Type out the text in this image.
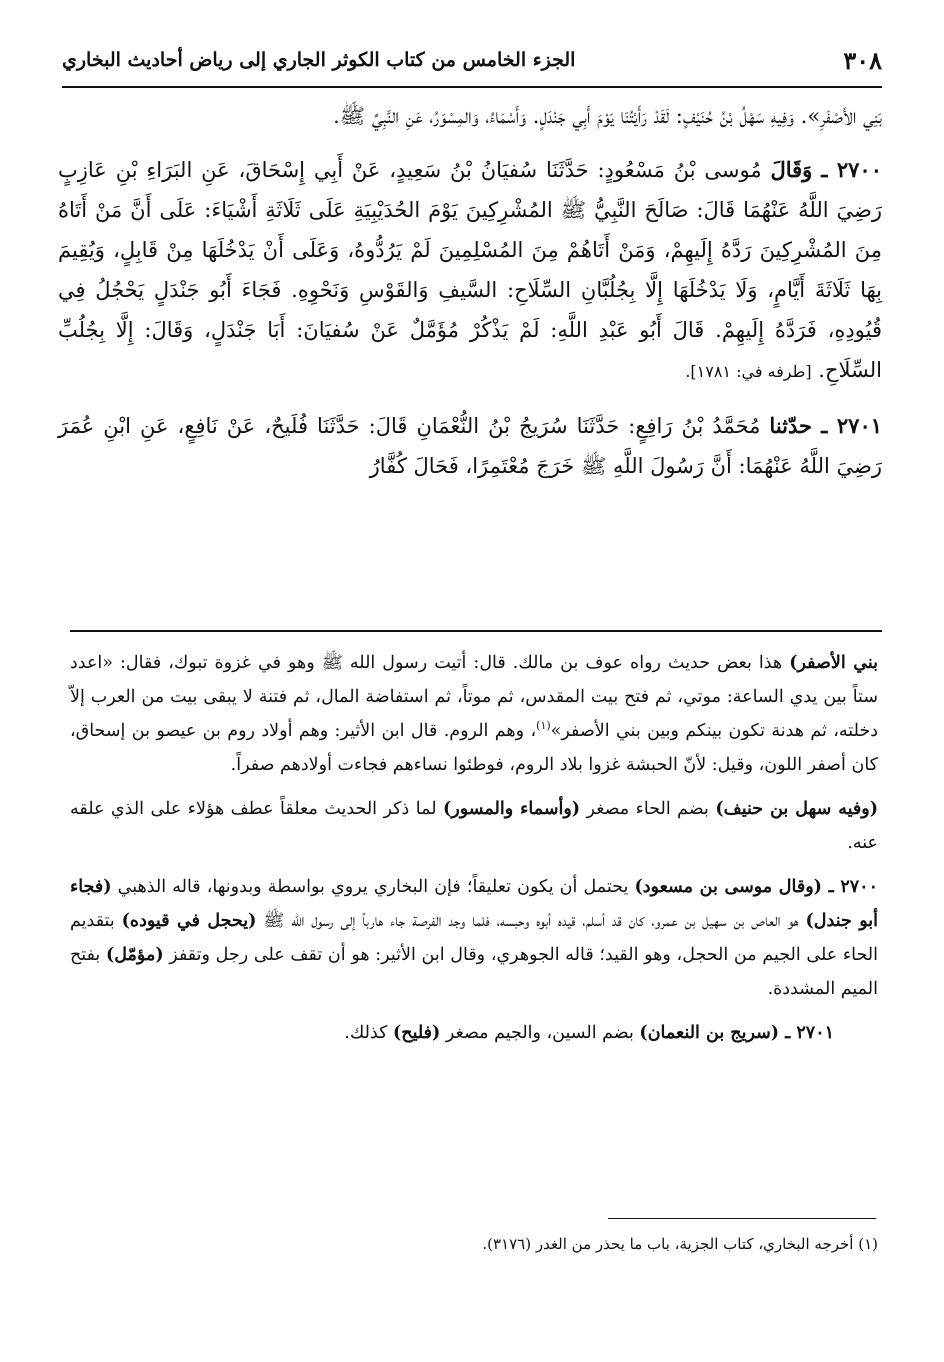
٣٠٨
الجزء الخامس من كتاب الكوثر الجاري إلى رياض أحاديث البخاري

بَنِي الأَصْفَرِ». وَفِيهِ سَهْلُ بْنُ حُنَيْفٍ: لَقَدْ رَأَيْتُنَا يَوْمَ أَبِي جَنْدَلٍ. وَأَسْمَاءُ، وَالمِسْوَرُ، عَنِ النَّبِيِّ ﷺ.

٢٧٠٠ ـ وَقَالَ مُوسى بْنُ مَسْعُودٍ: حَدَّثَنَا سُفيَانُ بْنُ سَعِيدٍ، عَنْ أَبِي إِسْحَاقَ، عَنِ البَرَاءِ بْنِ عَازِبٍ رَضِيَ اللَّهُ عَنْهُمَا قَالَ: صَالَحَ النَّبِيُّ ﷺ المُشْرِكِينَ يَوْمَ الحُدَيْبِيَةِ عَلَى ثَلَاثَةِ أَشْيَاءَ: عَلَى أَنَّ مَنْ أَتَاهُ مِنَ المُشْرِكِينَ رَدَّهُ إِلَيهِمْ، وَمَنْ أَتَاهُمْ مِنَ المُسْلِمِينَ لَمْ يَرُدُّوهُ، وَعَلَى أَنْ يَدْخُلَهَا مِنْ قَابِلٍ، وَيُقِيمَ بِهَا ثَلَاثَةَ أَيَّامٍ، وَلَا يَدْخُلَهَا إِلَّا بِجُلُبَّانِ السِّلَاحِ: السَّيفِ وَالقَوْسِ وَنَحْوِهِ. فَجَاءَ أَبُو جَنْدَلٍ يَحْجُلُ فِي قُيُودِهِ، فَرَدَّهُ إِلَيهِمْ. قَالَ أَبُو عَبْدِ اللَّهِ: لَمْ يَذْكُرْ مُؤَمَّلٌ عَنْ سُفيَانَ: أَبَا جَنْدَلٍ، وَقَالَ: إِلَّا بِجُلُبِّ السِّلَاحِ. [طرفه في: ١٧٨١].

٢٧٠١ ـ حدّثنا مُحَمَّدُ بْنُ رَافِعٍ: حَدَّثَنَا سُرَيجُ بْنُ النُّعْمَانِ قَالَ: حَدَّثَنَا فُلَيحٌ، عَنْ نَافِعٍ، عَنِ ابْنِ عُمَرَ رَضِيَ اللَّهُ عَنْهُمَا: أَنَّ رَسُولَ اللَّهِ ﷺ خَرَجَ مُعْتَمِرًا، فَحَالَ كُفَّارُ

بني الأصفر) هذا بعض حديث رواه عوف بن مالك. قال: أتيت رسول الله ﷺ وهو في غزوة تبوك، فقال: «اعدد ستاً بين يدي الساعة: موتي، ثم فتح بيت المقدس، ثم موتاً، ثم استفاضة المال، ثم فتنة لا يبقى بيت من العرب إلاّ دخلته، ثم هدنة تكون بينكم وبين بني الأصفر»$^{(١)}$، وهم الروم. قال ابن الأثير: وهم أولاد روم بن عيصو بن إسحاق، كان أصفر اللون، وقيل: لأنّ الحبشة غزوا بلاد الروم، فوطئوا نساءهم فجاءت أولادهم صفراً.

(وفيه سهل بن حنيف) بضم الحاء مصغر (وأسماء والمسور) لما ذكر الحديث معلقاً عطف هؤلاء على الذي علقه عنه.

٢٧٠٠ ـ (وقال موسى بن مسعود) يحتمل أن يكون تعليقاً؛ فإن البخاري يروي بواسطة وبدونها، قاله الذهبي (فجاء أبو جندل) هو العاص بن سهيل بن عمرو، كان قد أسلم، قيده أبوه وحبسه، فلما وجد الفرصة جاء هارباً إلى رسول الله ﷺ (يحجل في قيوده) بتقديم الحاء على الجيم من الحجل، وهو القيد؛ قاله الجوهري، وقال ابن الأثير: هو أن تقف على رجل وتقفز (مؤمّل) بفتح الميم المشددة.

٢٧٠١ ـ (سريج بن النعمان) بضم السين، والجيم مصغر (فليح) كذلك.

(١) أخرجه البخاري، كتاب الجزية، باب ما يحذر من الغدر (٣١٧٦).
